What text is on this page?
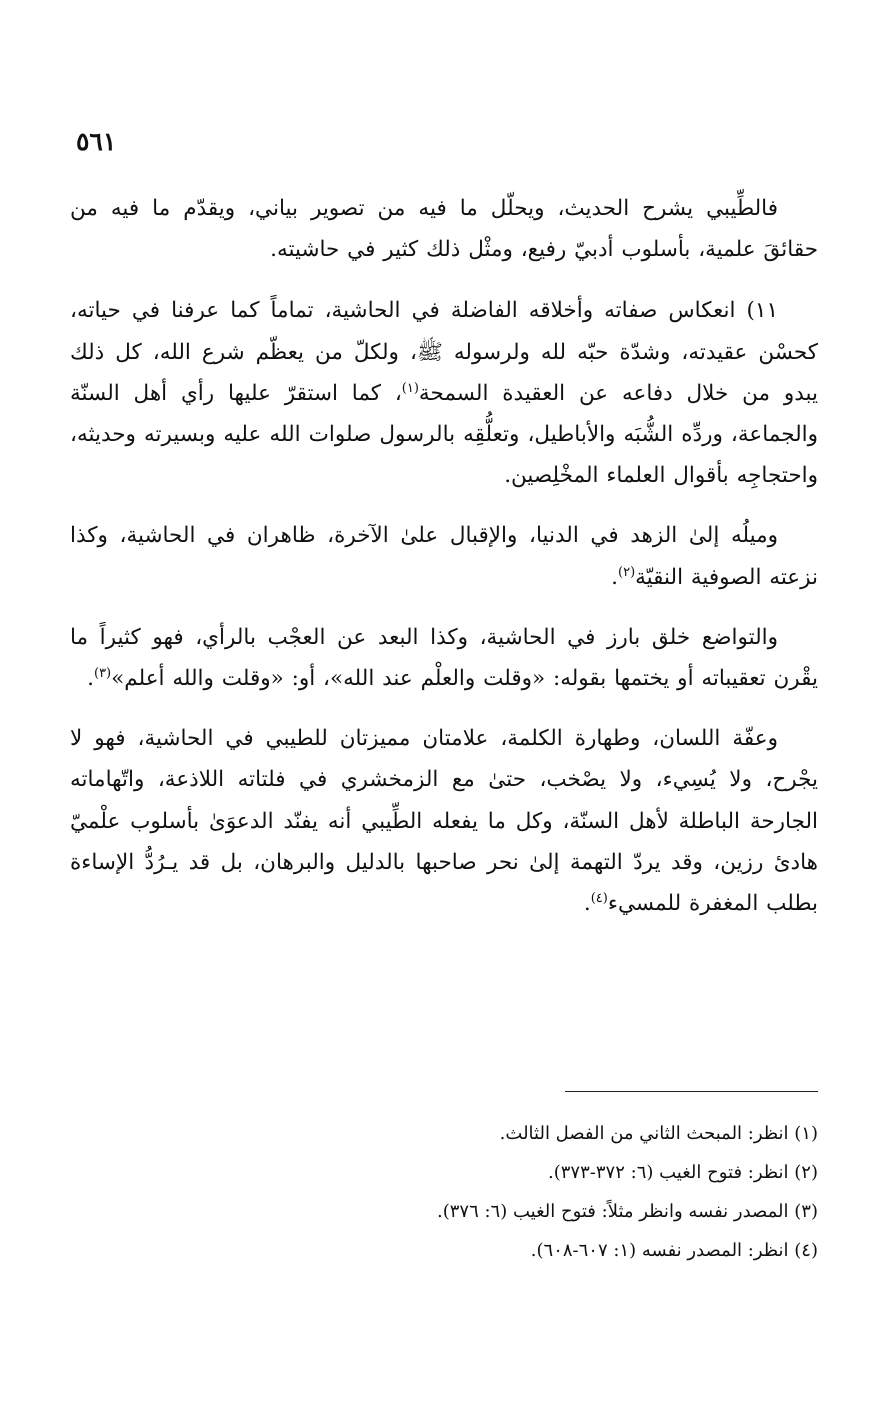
٥٦١

فالطِّيبي يشرح الحديث، ويحلّل ما فيه من تصوير بياني، ويقدّم ما فيه من حقائقَ علمية، بأسلوب أدبيّ رفيع، ومثْل ذلك كثير في حاشيته.

١١) انعكاس صفاته وأخلاقه الفاضلة في الحاشية، تماماً كما عرفنا في حياته، كحسْن عقيدته، وشدّة حبّه لله ولرسوله ﷺ، ولكلّ من يعظّم شرع الله، كل ذلك يبدو من خلال دفاعه عن العقيدة السمحة$^{(١)}$، كما استقرّ عليها رأي أهل السنّة والجماعة، وردِّه الشُّبَه والأباطيل، وتعلُّقِه بالرسول صلوات الله عليه وبسيرته وحديثه، واحتجاجِه بأقوال العلماء المخْلِصين.

وميلُه إلىٰ الزهد في الدنيا، والإقبال علىٰ الآخرة، ظاهران في الحاشية، وكذا نزعته الصوفية النقيّة$^{(٢)}$.

والتواضع خلق بارز في الحاشية، وكذا البعد عن العجْب بالرأي، فهو كثيراً ما يقْرن تعقيباته أو يختمها بقوله: «وقلت والعلْم عند الله»، أو: «وقلت والله أعلم»$^{(٣)}$.

وعفّة اللسان، وطهارة الكلمة، علامتان مميزتان للطيبي في الحاشية، فهو لا يجْرح، ولا يُسِيء، ولا يصْخب، حتىٰ مع الزمخشري في فلتاته اللاذعة، واتّهاماته الجارحة الباطلة لأهل السنّة، وكل ما يفعله الطِّيبي أنه يفنّد الدعوَىٰ بأسلوب علْميّ هادئ رزين، وقد يردّ التهمة إلىٰ نحر صاحبها بالدليل والبرهان، بل قد يـرُدُّ الإساءة بطلب المغفرة للمسيء$^{(٤)}$.

(١) انظر: المبحث الثاني من الفصل الثالث.

(٢) انظر: فتوح الغيب (٦: ٣٧٢-٣٧٣).

(٣) المصدر نفسه وانظر مثلاً: فتوح الغيب (٦: ٣٧٦).

(٤) انظر: المصدر نفسه (١: ٦٠٧-٦٠٨).
